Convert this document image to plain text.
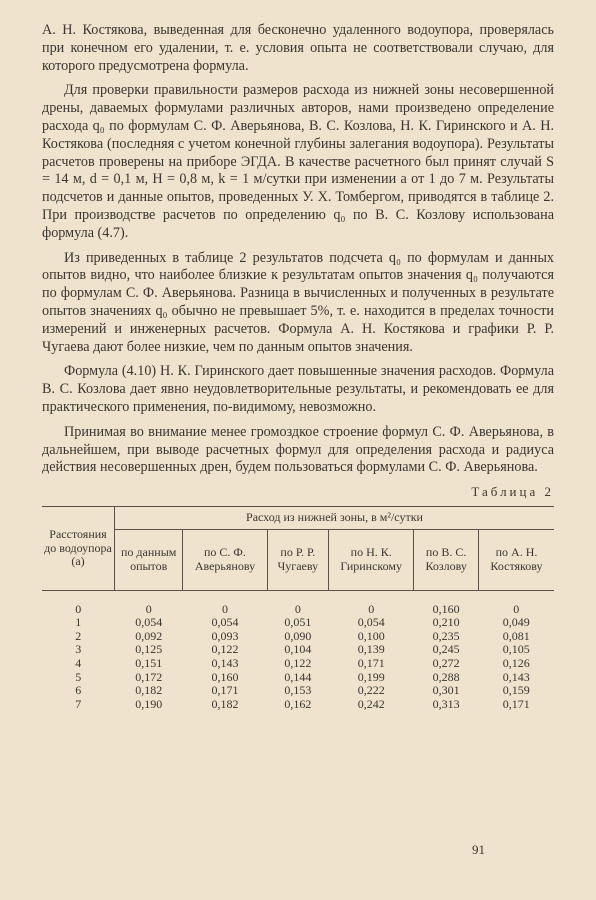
А. Н. Костякова, выведенная для бесконечно удаленного водоупора, проверялась при конечном его удалении, т. е. условия опыта не соответствовали случаю, для которого предусмотрена формула.

Для проверки правильности размеров расхода из нижней зоны несовершенной дрены, даваемых формулами различных авторов, нами произведено определение расхода q₀ по формулам С. Ф. Аверьянова, В. С. Козлова, Н. К. Гиринского и А. Н. Костякова (последняя с учетом конечной глубины залегания водоупора). Результаты расчетов проверены на приборе ЭГДА. В качестве расчетного был принят случай S = 14 м, d = 0,1 м, H = 0,8 м, k = 1 м/сутки при изменении a от 1 до 7 м. Результаты подсчетов и данные опытов, проведенных У. Х. Томбергом, приводятся в таблице 2. При производстве расчетов по определению q₀ по В. С. Козлову использована формула (4.7).

Из приведенных в таблице 2 результатов подсчета q₀ по формулам и данных опытов видно, что наиболее близкие к результатам опытов значения q₀ получаются по формулам С. Ф. Аверьянова. Разница в вычисленных и полученных в результате опытов значениях q₀ обычно не превышает 5%, т. е. находится в пределах точности измерений и инженерных расчетов. Формула А. Н. Костякова и графики Р. Р. Чугаева дают более низкие, чем по данным опытов значения.

Формула (4.10) Н. К. Гиринского дает повышенные значения расходов. Формула В. С. Козлова дает явно неудовлетворительные результаты, и рекомендовать ее для практического применения, по-видимому, невозможно.

Принимая во внимание менее громоздкое строение формул С. Ф. Аверьянова, в дальнейшем, при выводе расчетных формул для определения расхода и радиуса действия несовершенных дрен, будем пользоваться формулами С. Ф. Аверьянова.

Таблица 2
Расстояния до водоупора (a)	Расход из нижней зоны, в м²/сутки					
	по данным опытов	по С. Ф. Аверьянову	по Р. Р. Чугаеву	по Н. К. Гиринскому	по В. С. Козлову	по А. Н. Костякову
0	0	0	0	0	0,160	0
1	0,054	0,054	0,051	0,054	0,210	0,049
2	0,092	0,093	0,090	0,100	0,235	0,081
3	0,125	0,122	0,104	0,139	0,245	0,105
4	0,151	0,143	0,122	0,171	0,272	0,126
5	0,172	0,160	0,144	0,199	0,288	0,143
6	0,182	0,171	0,153	0,222	0,301	0,159
7	0,190	0,182	0,162	0,242	0,313	0,171
91
